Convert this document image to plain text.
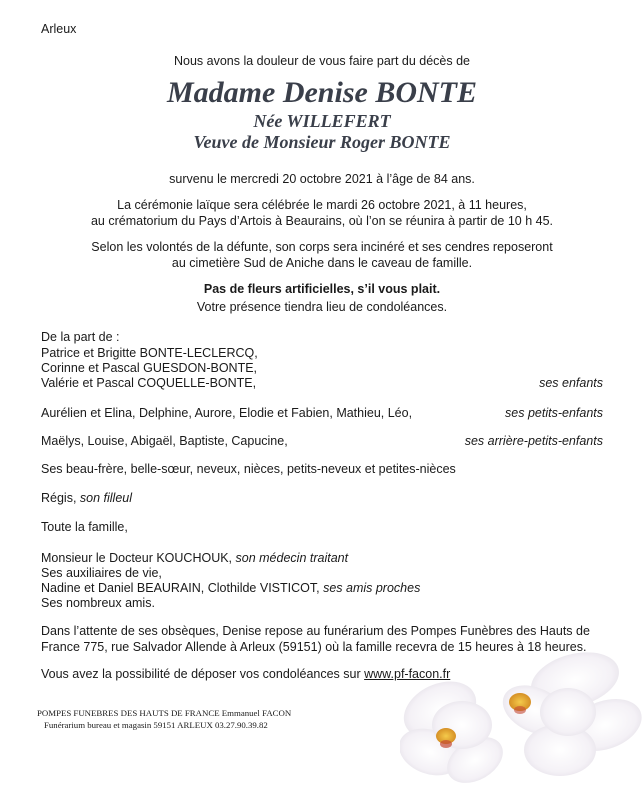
Arleux
Nous avons la douleur de vous faire part du décès de
Madame Denise BONTE
Née WILLEFERT
Veuve de Monsieur Roger BONTE
survenu le mercredi 20 octobre 2021 à l’âge de 84 ans.
La cérémonie laïque sera célébrée le mardi 26 octobre 2021, à 11 heures,
au crématorium du Pays d’Artois à Beaurains, où l’on se réunira à partir de 10 h 45.
Selon les volontés de la défunte, son corps sera incinéré et ses cendres reposeront
au cimetière Sud de Aniche dans le caveau de famille.
Pas de fleurs artificielles, s’il vous plait.
Votre présence tiendra lieu de condoléances.
De la part de :
Patrice et Brigitte BONTE-LECLERCQ,
Corinne et Pascal GUESDON-BONTE,
Valérie et Pascal COQUELLE-BONTE,	ses enfants
Aurélien et Elina, Delphine, Aurore, Elodie et Fabien, Mathieu, Léo,	ses petits-enfants
Maëlys, Louise, Abigaël, Baptiste, Capucine,	ses arrière-petits-enfants
Ses beau-frère, belle-sœur, neveux, nièces, petits-neveux et petites-nièces
Régis, son filleul
Toute la famille,
Monsieur le Docteur KOUCHOUK, son médecin traitant
Ses auxiliaires de vie,
Nadine et Daniel BEAURAIN, Clothilde VISTICOT, ses amis proches
Ses nombreux amis.
Dans l’attente de ses obsèques, Denise repose au funérarium des Pompes Funèbres des Hauts de
France 775, rue Salvador Allende à Arleux (59151) où la famille recevra de 15 heures à 18 heures.
Vous avez la possibilité de déposer vos condoléances sur www.pf-facon.fr
POMPES FUNEBRES DES HAUTS DE FRANCE Emmanuel FACON
Funérarium bureau et magasin 59151 ARLEUX 03.27.90.39.82
